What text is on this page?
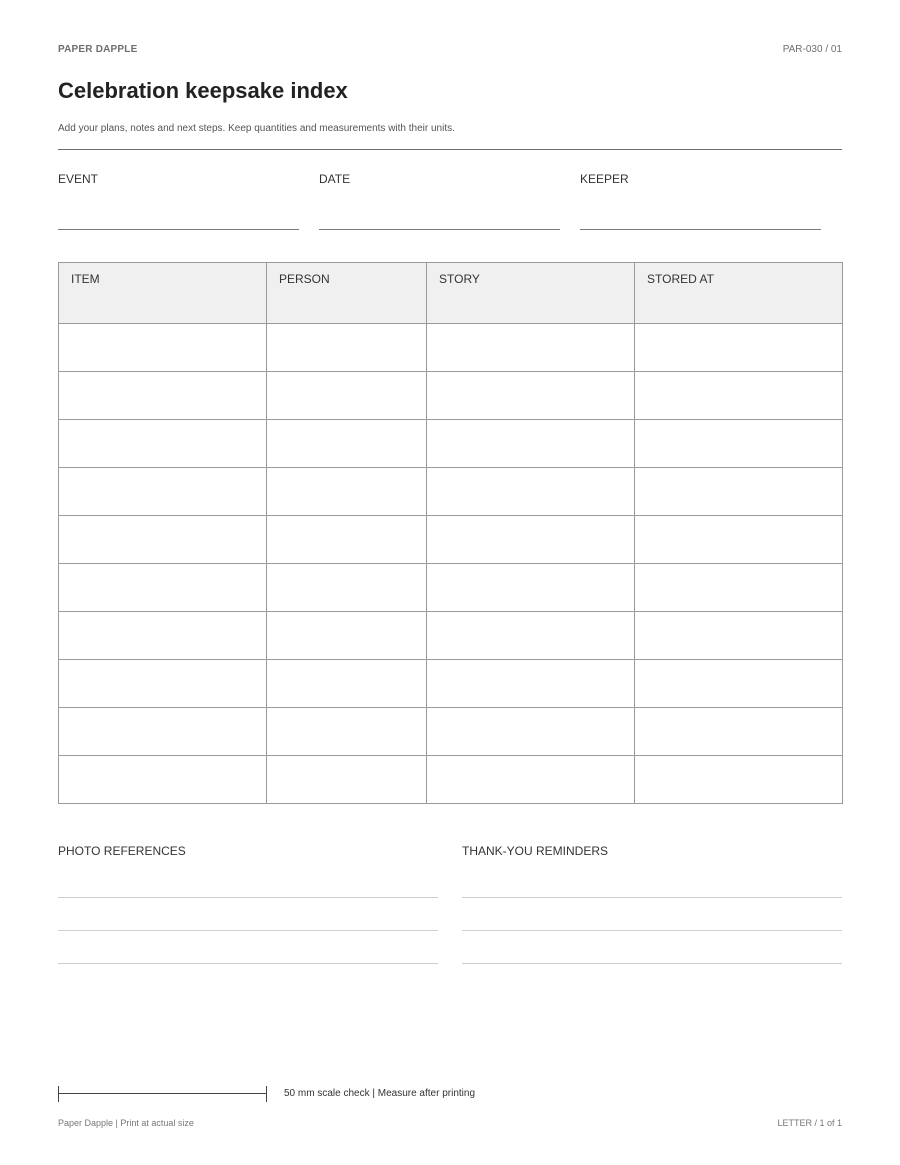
PAPER DAPPLE	PAR-030 / 01
Celebration keepsake index
Add your plans, notes and next steps. Keep quantities and measurements with their units.
EVENT	DATE	KEEPER
ITEM	PERSON	STORY	STORED AT

PHOTO REFERENCES	THANK-YOU REMINDERS
50 mm scale check | Measure after printing
Paper Dapple | Print at actual size	LETTER / 1 of 1
